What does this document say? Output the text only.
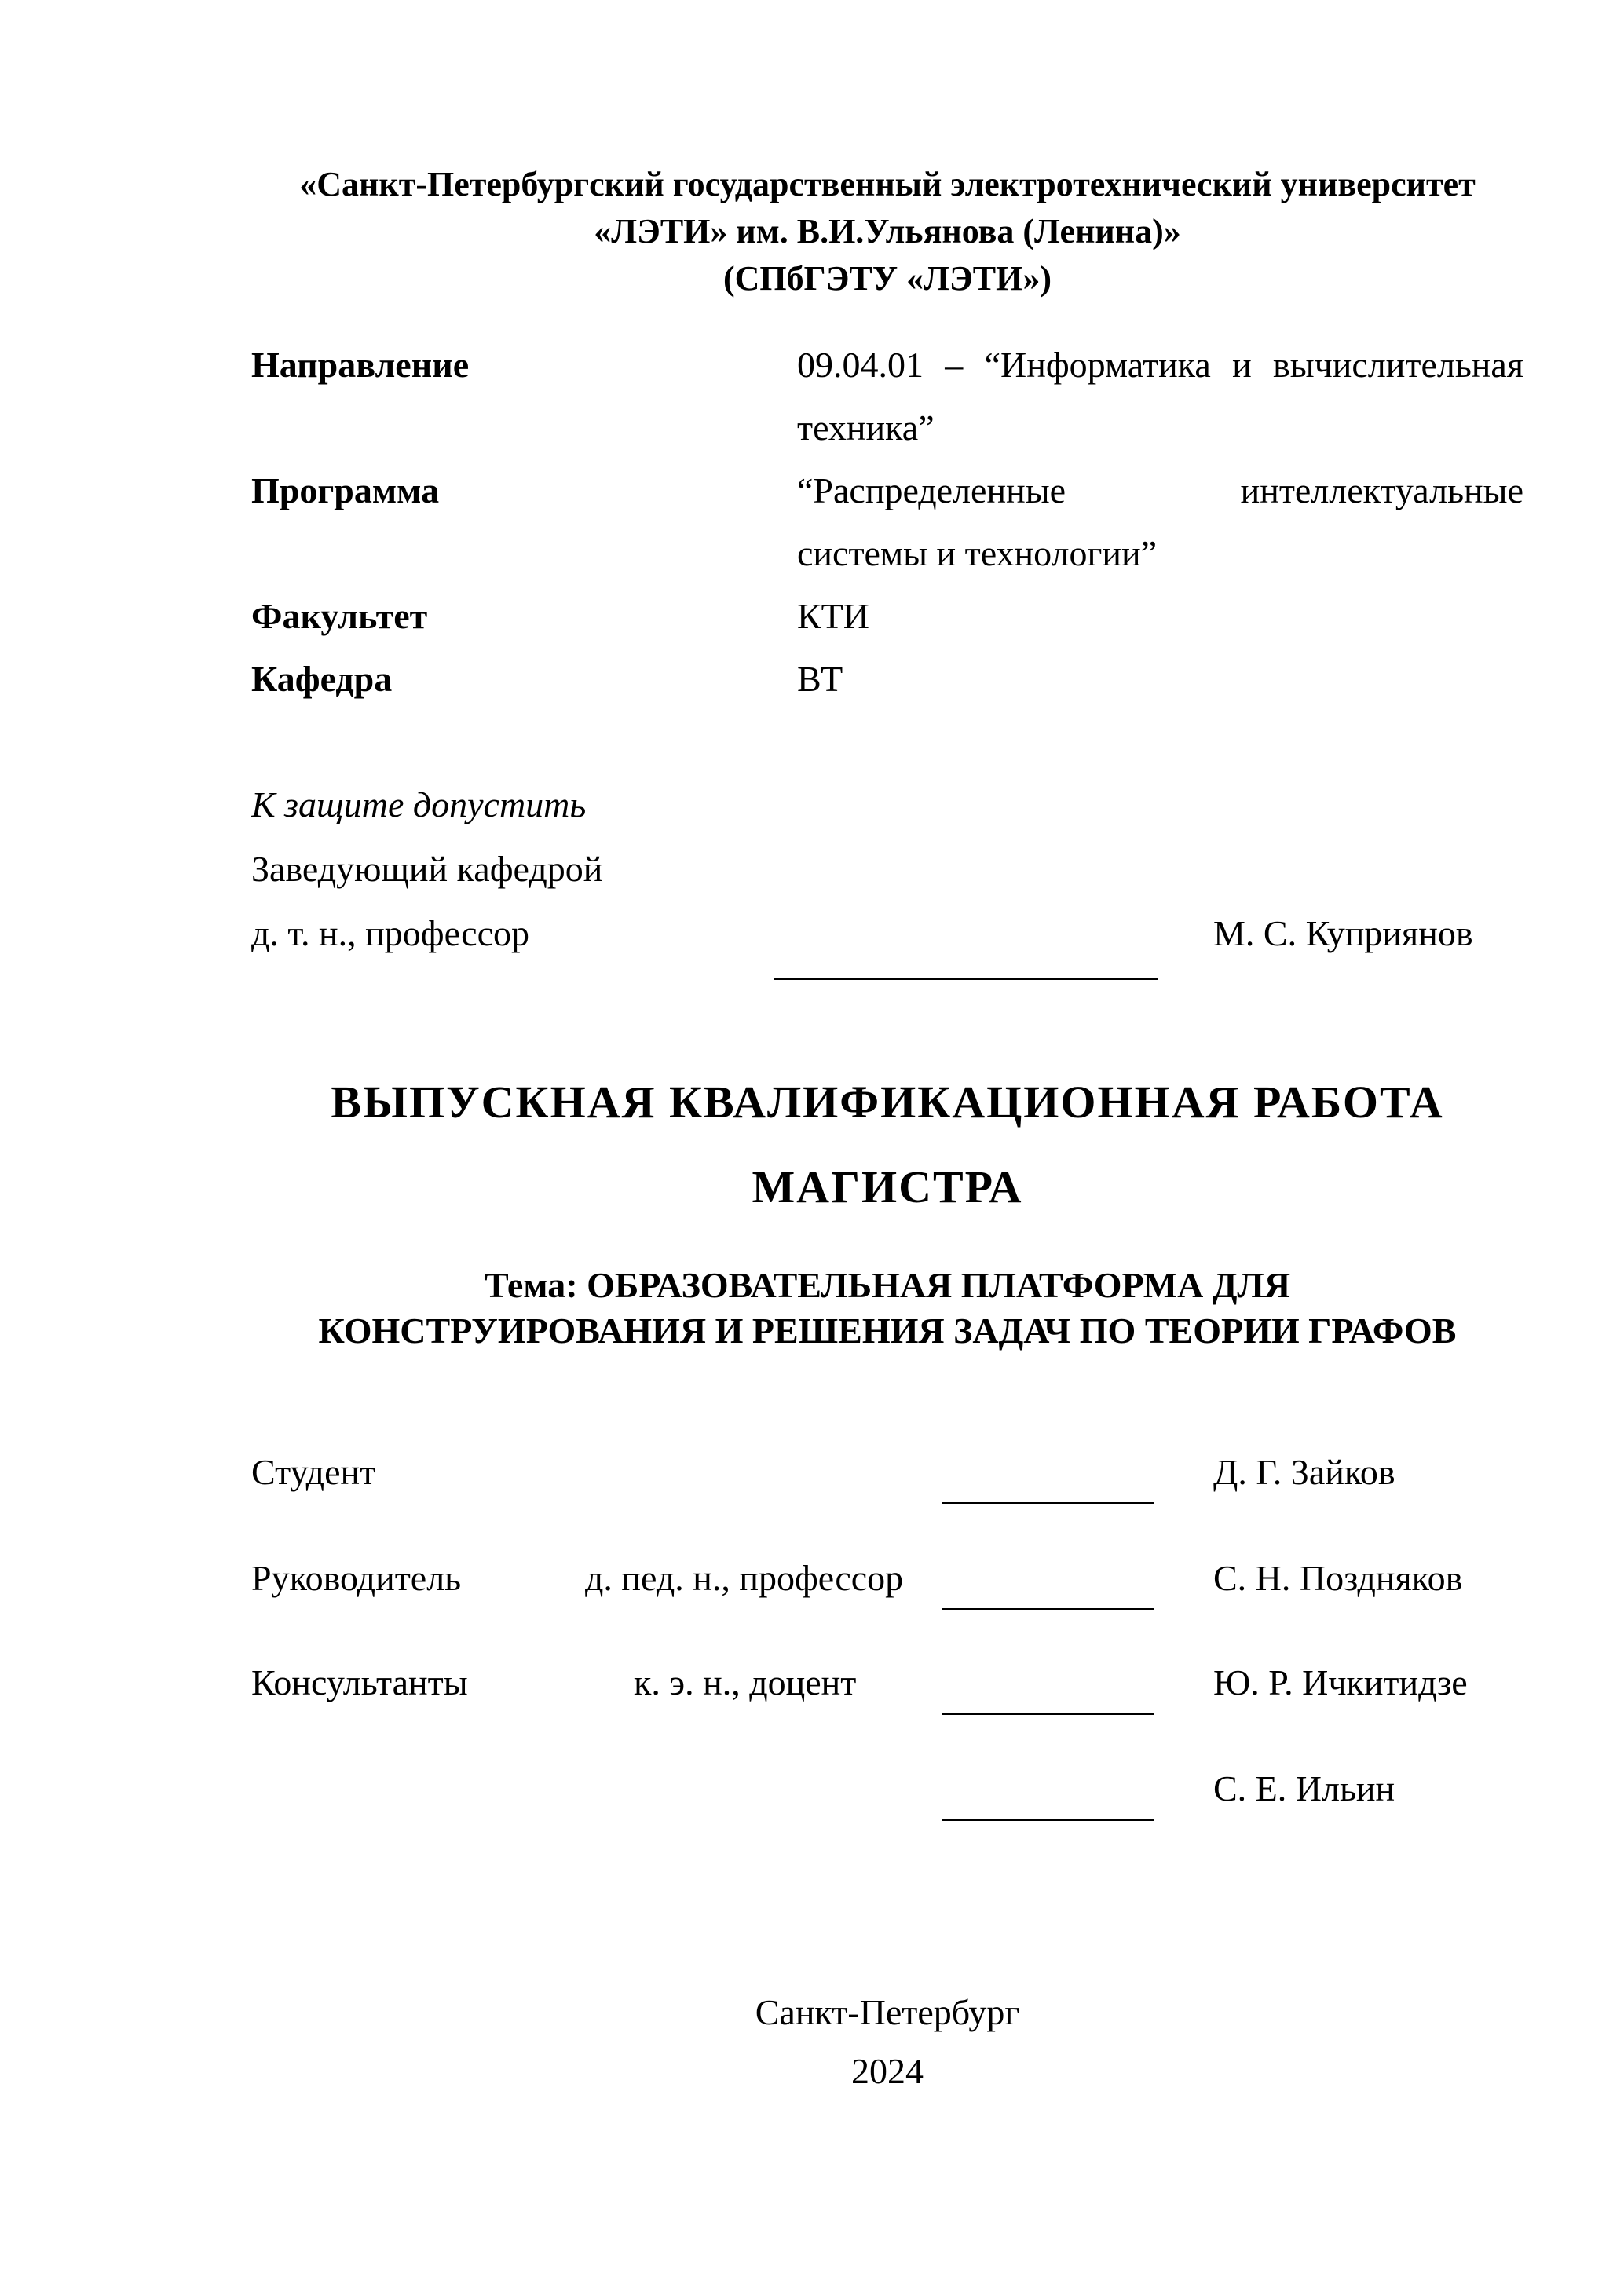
«Санкт-Петербургский государственный электротехнический университет
«ЛЭТИ» им. В.И.Ульянова (Ленина)»
(СПбГЭТУ «ЛЭТИ»)
Направление	09.04.01 – “Информатика и вычислительная
техника”
Программа	“Распределенные интеллектуальные
системы и технологии”
Факультет	КТИ
Кафедра	ВТ
К защите допустить
Заведующий кафедрой
д. т. н., профессор	М. С. Куприянов
ВЫПУСКНАЯ КВАЛИФИКАЦИОННАЯ РАБОТА
МАГИСТРА
Тема: ОБРАЗОВАТЕЛЬНАЯ ПЛАТФОРМА ДЛЯ
КОНСТРУИРОВАНИЯ И РЕШЕНИЯ ЗАДАЧ ПО ТЕОРИИ ГРАФОВ
Студент	Д. Г. Зайков
Руководитель	д. пед. н., профессор	С. Н. Поздняков
Консультанты	к. э. н., доцент	Ю. Р. Ичкитидзе
С. Е. Ильин
Санкт-Петербург
2024
